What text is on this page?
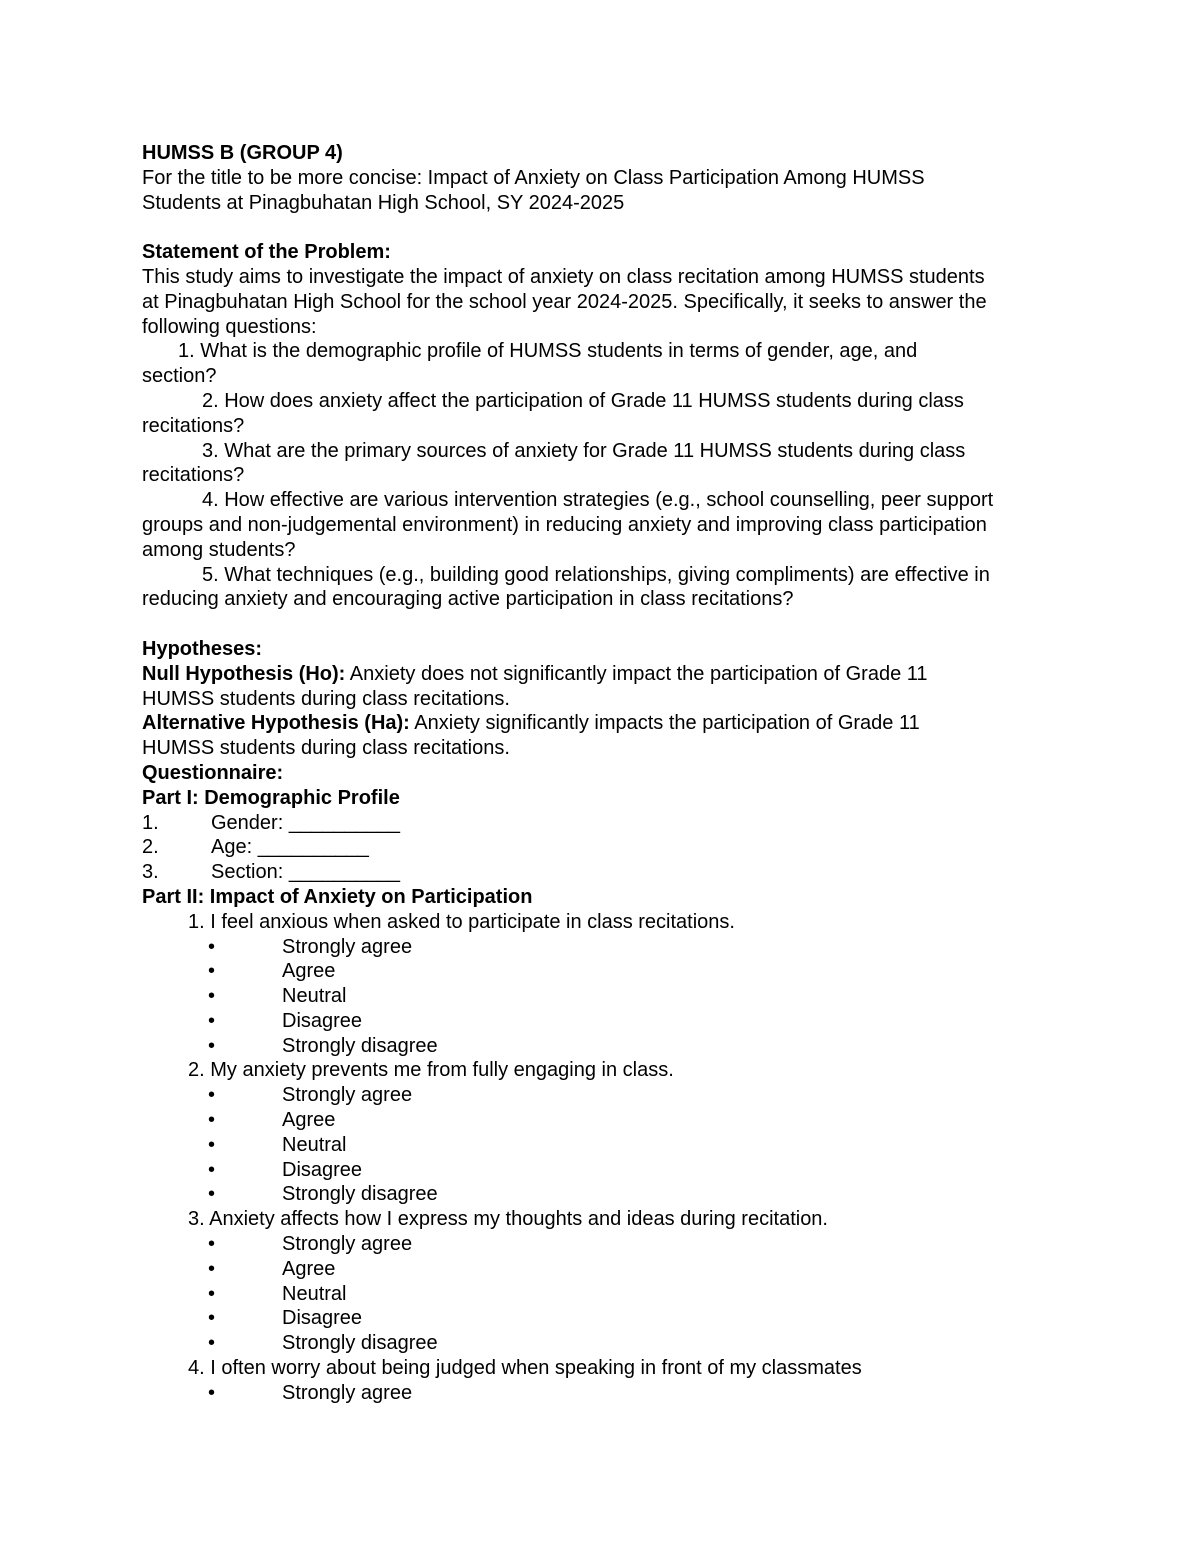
HUMSS B (GROUP 4)
For the title to be more concise: Impact of Anxiety on Class Participation Among HUMSS
Students at Pinagbuhatan High School, SY 2024-2025
Statement of the Problem:
This study aims to investigate the impact of anxiety on class recitation among HUMSS students
at Pinagbuhatan High School for the school year 2024-2025. Specifically, it seeks to answer the
following questions:
1. What is the demographic profile of HUMSS students in terms of gender, age, and
section?
2. How does anxiety affect the participation of Grade 11 HUMSS students during class
recitations?
3. What are the primary sources of anxiety for Grade 11 HUMSS students during class
recitations?
4. How effective are various intervention strategies (e.g., school counselling, peer support
groups and non-judgemental environment) in reducing anxiety and improving class participation
among students?
5. What techniques (e.g., building good relationships, giving compliments) are effective in
reducing anxiety and encouraging active participation in class recitations?
Hypotheses:
Null Hypothesis (Ho): Anxiety does not significantly impact the participation of Grade 11
HUMSS students during class recitations.
Alternative Hypothesis (Ha): Anxiety significantly impacts the participation of Grade 11
HUMSS students during class recitations.
Questionnaire:
Part I: Demographic Profile
1.	Gender: __________
2.	Age: __________
3.	Section: __________
Part II: Impact of Anxiety on Participation
1. I feel anxious when asked to participate in class recitations.
•	Strongly agree
•	Agree
•	Neutral
•	Disagree
•	Strongly disagree
2. My anxiety prevents me from fully engaging in class.
•	Strongly agree
•	Agree
•	Neutral
•	Disagree
•	Strongly disagree
3. Anxiety affects how I express my thoughts and ideas during recitation.
•	Strongly agree
•	Agree
•	Neutral
•	Disagree
•	Strongly disagree
4. I often worry about being judged when speaking in front of my classmates
•	Strongly agree
